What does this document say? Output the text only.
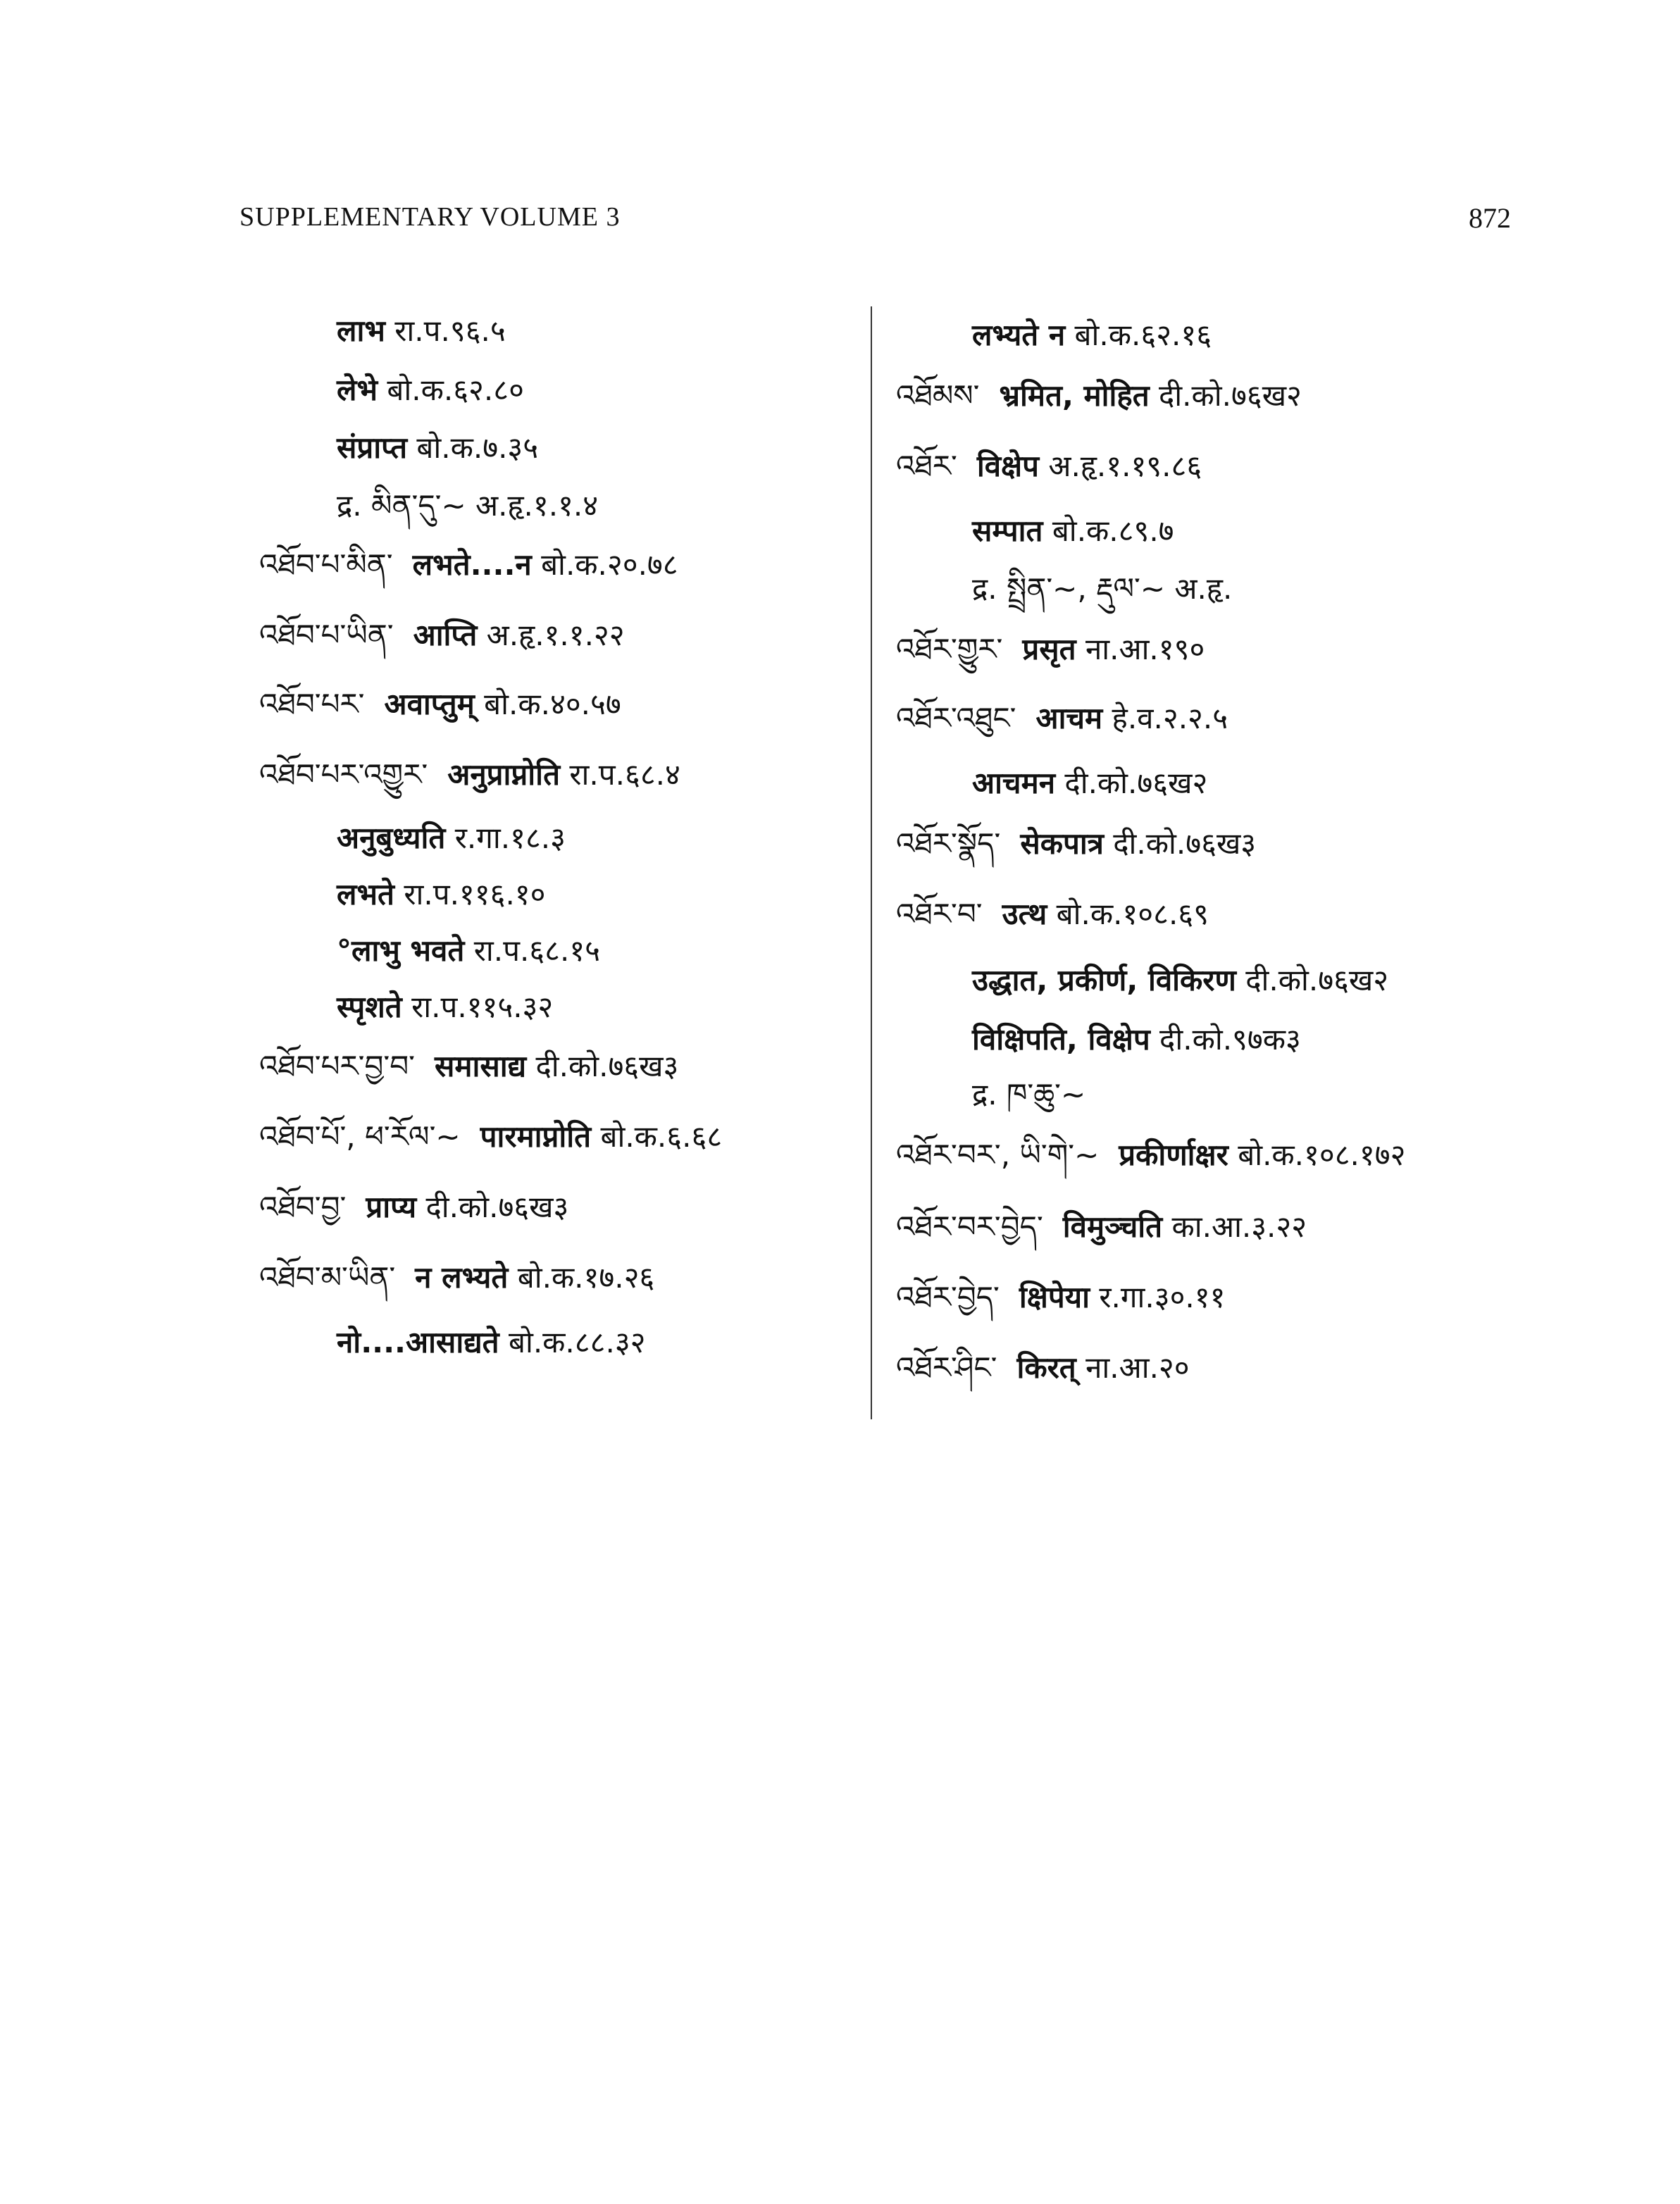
SUPPLEMENTARY VOLUME 3	872
लाभ रा.प.९६.५
लेभे बो.क.६२.८०
संप्राप्त बो.क.७.३५
द्र. མིན་དུ་~ अ.हृ.१.१.४
འཐོབ་པ་མིན་ लभते....न बो.क.२०.७८
འཐོབ་པ་ཡིན་ आप्ति अ.हृ.१.१.२२
འཐོབ་པར་ अवाप्तुम् बो.क.४०.५७
འཐོབ་པར་འགྱུར་ अनुप्राप्नोति रा.प.६८.४
अनुबुध्यति र.गा.१८.३
लभते रा.प.११६.१०
°लाभु भवते रा.प.६८.१५
स्पृशते रा.प.११५.३२
འཐོབ་པར་བྱ་བ་ समासाद्य दी.को.७६ख३
འཐོབ་པོ་, ཕ་རོལ་~ पारमाप्नोति बो.क.६.६८
འཐོབ་བྱ་ प्राप्य दी.को.७६ख३
འཐོབ་མ་ཡིན་ न लभ्यते बो.क.१७.२६
नो....आसाद्यते बो.क.८८.३२
लभ्यते न बो.क.६२.१६
འཐོམས་ भ्रमित, मोहित दी.को.७६ख२
འཐོར་ विक्षेप अ.हृ.१.१९.८६
सम्पात बो.क.८९.७
द्र. སྤྲིན་~, རྡུལ་~ अ.हृ.
འཐོར་གྱུར་ प्रसृत ना.आ.१९०
འཐོར་འཐུང་ आचम हे.व.२.२.५
आचमन दी.को.७६ख२
འཐོར་སྣོད་ सेकपात्र दी.को.७६ख३
འཐོར་བ་ उत्थ बो.क.१०८.६९
उद्धात, प्रकीर्ण, विकिरण दी.को.७६ख२
विक्षिपति, विक्षेप दी.को.९७क३
द्र. ཁ་ཆུ་~
འཐོར་བར་, ཡི་གེ་~ प्रकीर्णाक्षर बो.क.१०८.१७२
འཐོར་བར་བྱེད་ विमुञ्चति का.आ.३.२२
འཐོར་བྱེད་ क्षिपेया र.गा.३०.११
འཐོར་ཤིང་ किरत् ना.आ.२०
